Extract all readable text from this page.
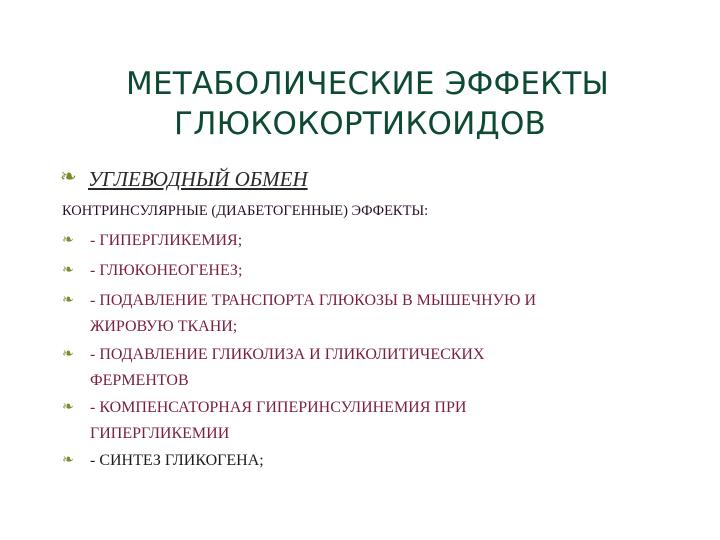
МЕТАБОЛИЧЕСКИЕ ЭФФЕКТЫ
ГЛЮКОКОРТИКОИДОВ
❧ УГЛЕВОДНЫЙ ОБМЕН
КОНТРИНСУЛЯРНЫЕ (ДИАБЕТОГЕННЫЕ) ЭФФЕКТЫ:
❧ - ГИПЕРГЛИКЕМИЯ;
❧ - ГЛЮКОНЕОГЕНЕЗ;
❧ - ПОДАВЛЕНИЕ ТРАНСПОРТА ГЛЮКОЗЫ В МЫШЕЧНУЮ И
ЖИРОВУЮ ТКАНИ;
❧ - ПОДАВЛЕНИЕ ГЛИКОЛИЗА И ГЛИКОЛИТИЧЕСКИХ
ФЕРМЕНТОВ
❧ - КОМПЕНСАТОРНАЯ ГИПЕРИНСУЛИНЕМИЯ ПРИ
ГИПЕРГЛИКЕМИИ
❧ - СИНТЕЗ ГЛИКОГЕНА;
